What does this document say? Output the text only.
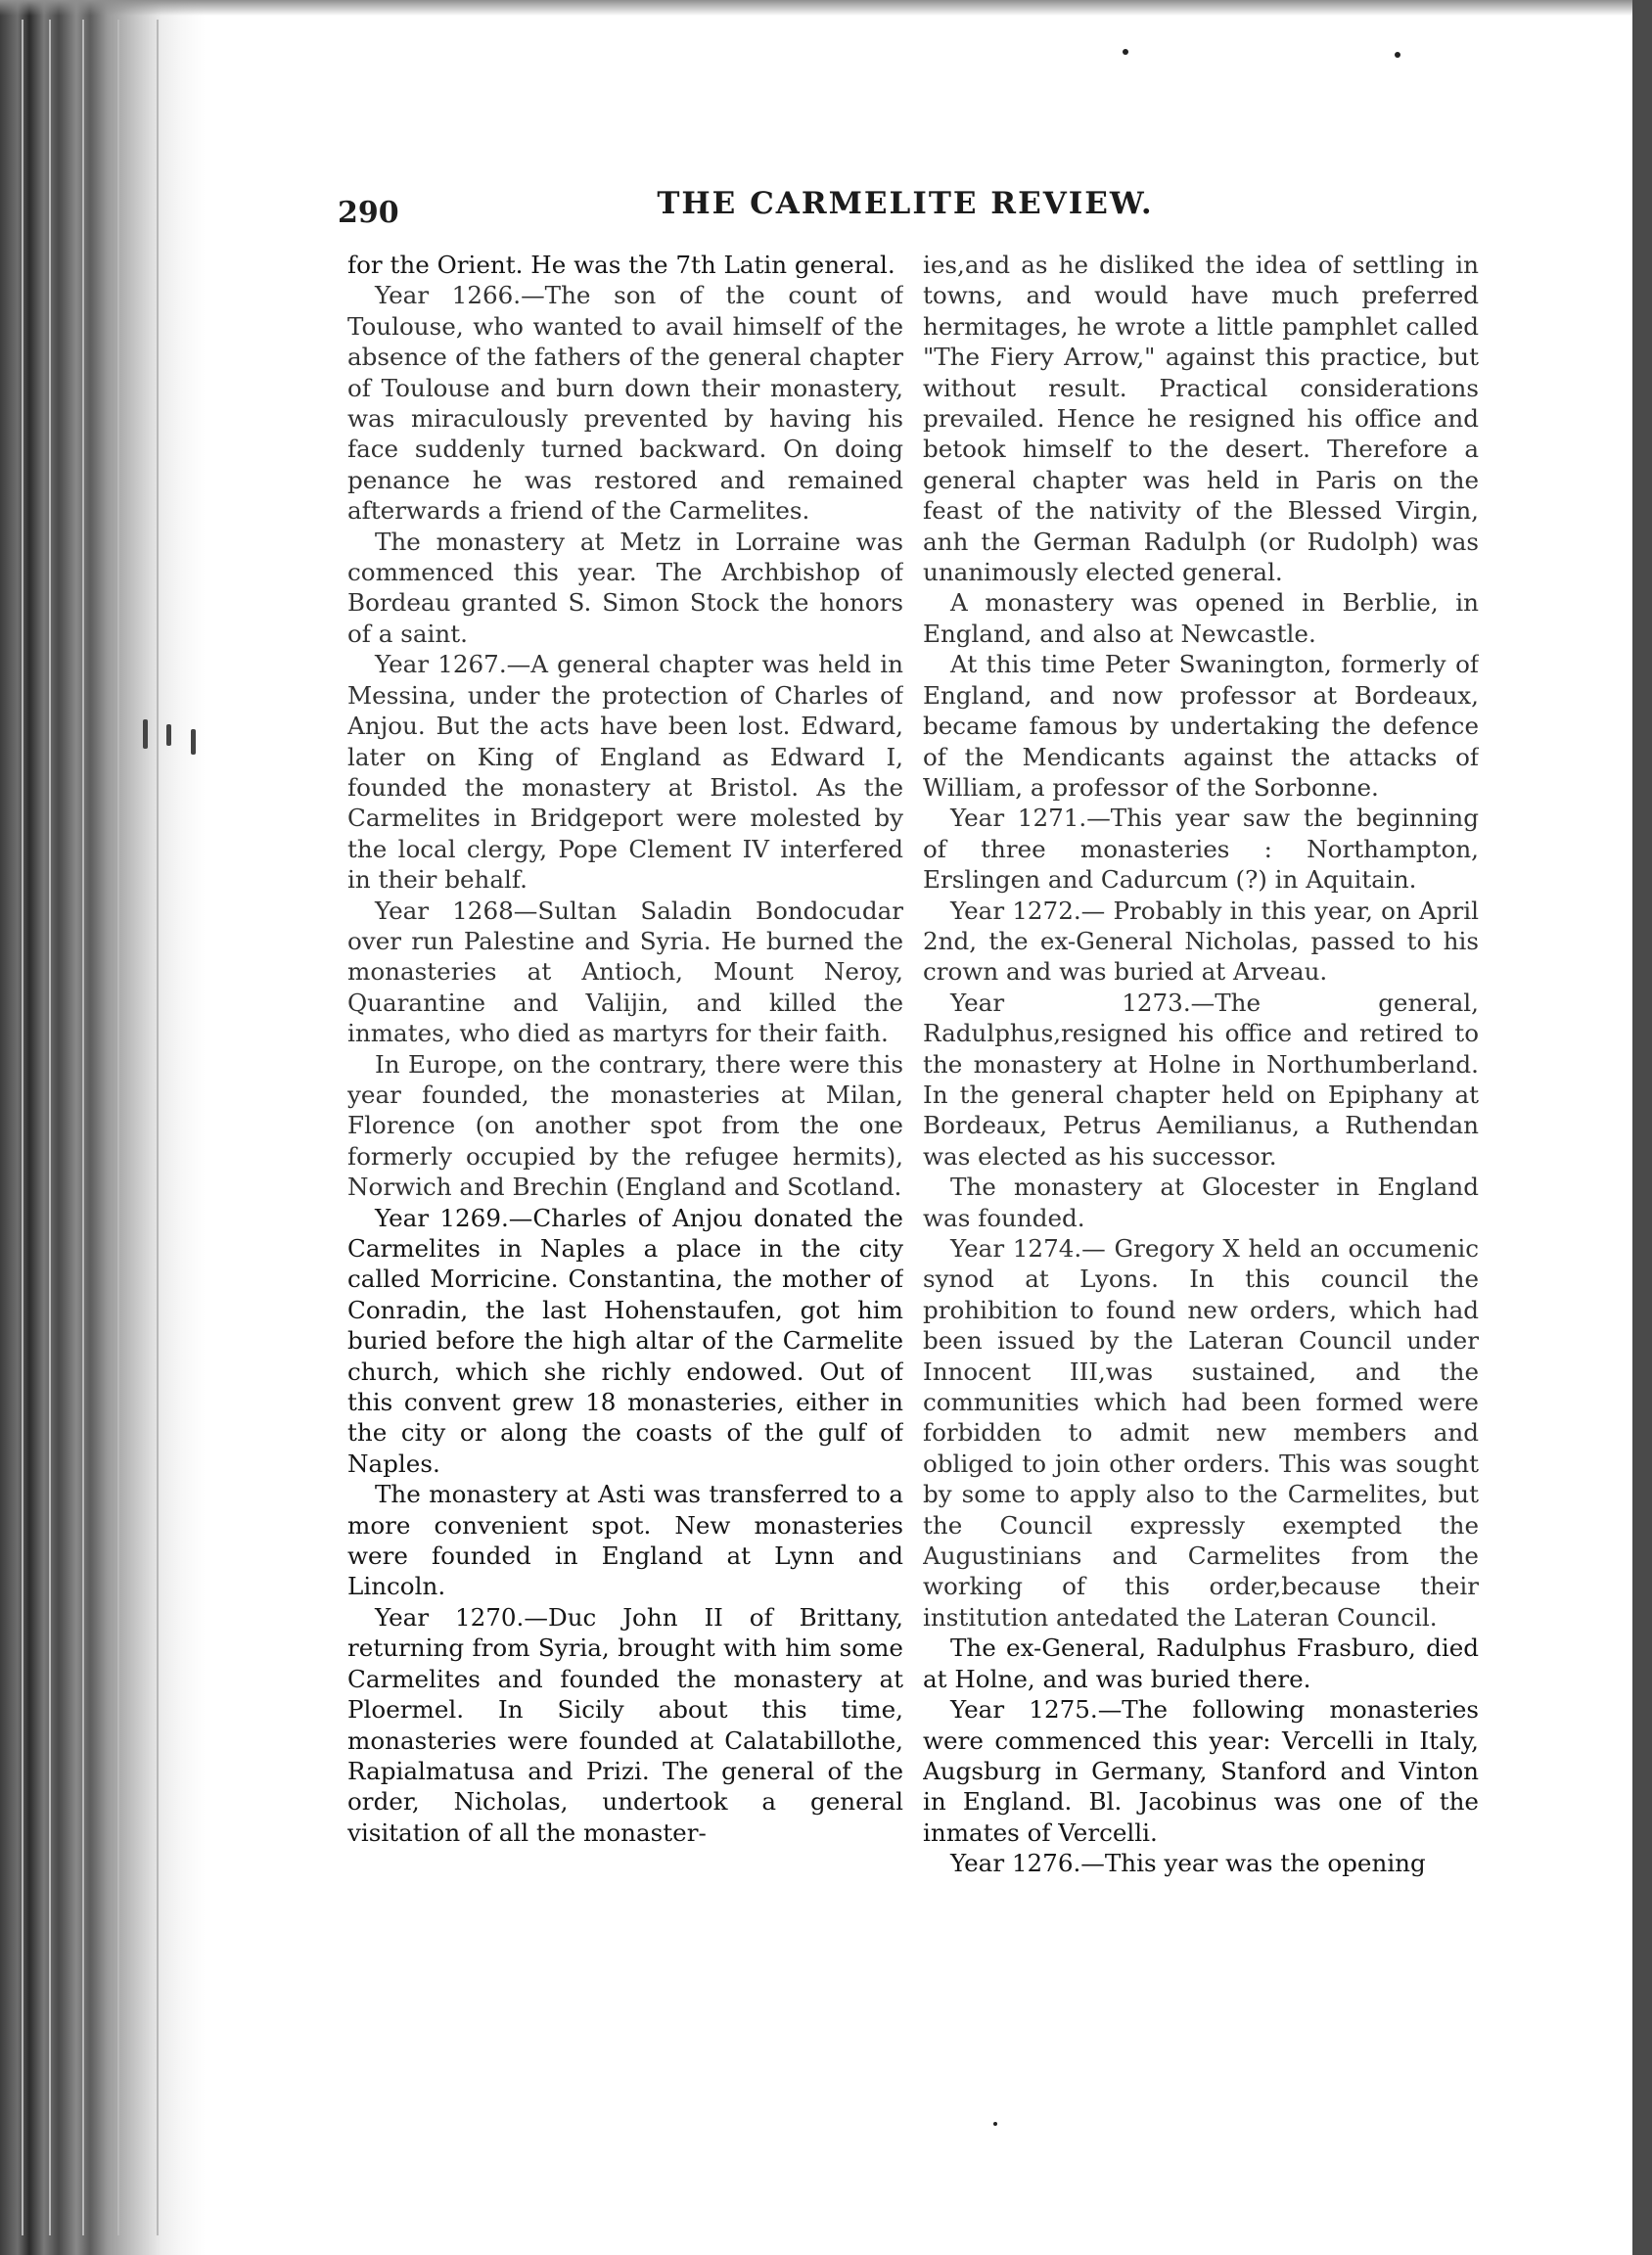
290	THE CARMELITE REVIEW.

for the Orient. He was the 7th Latin general.

Year 1266.—The son of the count of Toulouse, who wanted to avail himself of the absence of the fathers of the general chapter of Toulouse and burn down their monastery, was miraculously prevented by having his face suddenly turned backward. On doing penance he was restored and remained afterwards a friend of the Carmelites.

The monastery at Metz in Lorraine was commenced this year. The Archbishop of Bordeau granted S. Simon Stock the honors of a saint.

Year 1267.—A general chapter was held in Messina, under the protection of Charles of Anjou. But the acts have been lost. Edward, later on King of England as Edward I, founded the monastery at Bristol. As the Carmelites in Bridgeport were molested by the local clergy, Pope Clement IV interfered in their behalf.

Year 1268—Sultan Saladin Bondocudar over run Palestine and Syria. He burned the monasteries at Antioch, Mount Neroy, Quarantine and Valijin, and killed the inmates, who died as martyrs for their faith.

In Europe, on the contrary, there were this year founded, the monasteries at Milan, Florence (on another spot from the one formerly occupied by the refugee hermits), Norwich and Brechin (England and Scotland.

Year 1269.—Charles of Anjou donated the Carmelites in Naples a place in the city called Morricine. Constantina, the mother of Conradin, the last Hohenstaufen, got him buried before the high altar of the Carmelite church, which she richly endowed. Out of this convent grew 18 monasteries, either in the city or along the coasts of the gulf of Naples.

The monastery at Asti was transferred to a more convenient spot. New monasteries were founded in England at Lynn and Lincoln.

Year 1270.—Duc John II of Brittany, returning from Syria, brought with him some Carmelites and founded the monastery at Ploermel. In Sicily about this time, monasteries were founded at Calatabillothe, Rapialmatusa and Prizi. The general of the order, Nicholas, undertook a general visitation of all the monaster-

ies,and as he disliked the idea of settling in towns, and would have much preferred hermitages, he wrote a little pamphlet called "The Fiery Arrow," against this practice, but without result. Practical considerations prevailed. Hence he resigned his office and betook himself to the desert. Therefore a general chapter was held in Paris on the feast of the nativity of the Blessed Virgin, anh the German Radulph (or Rudolph) was unanimously elected general.

A monastery was opened in Berblie, in England, and also at Newcastle.

At this time Peter Swanington, formerly of England, and now professor at Bordeaux, became famous by undertaking the defence of the Mendicants against the attacks of William, a professor of the Sorbonne.

Year 1271.—This year saw the beginning of three monasteries : Northampton, Erslingen and Cadurcum (?) in Aquitain.

Year 1272.— Probably in this year, on April 2nd, the ex-General Nicholas, passed to his crown and was buried at Arveau.

Year 1273.—The general, Radulphus,resigned his office and retired to the monastery at Holne in Northumberland. In the general chapter held on Epiphany at Bordeaux, Petrus Aemilianus, a Ruthendan was elected as his successor.

The monastery at Glocester in England was founded.

Year 1274.— Gregory X held an occumenic synod at Lyons. In this council the prohibition to found new orders, which had been issued by the Lateran Council under Innocent III,was sustained, and the communities which had been formed were forbidden to admit new members and obliged to join other orders. This was sought by some to apply also to the Carmelites, but the Council expressly exempted the Augustinians and Carmelites from the working of this order,because their institution antedated the Lateran Council.

The ex-General, Radulphus Frasburo, died at Holne, and was buried there.

Year 1275.—The following monasteries were commenced this year: Vercelli in Italy, Augsburg in Germany, Stanford and Vinton in England. Bl. Jacobinus was one of the inmates of Vercelli.

Year 1276.—This year was the opening
